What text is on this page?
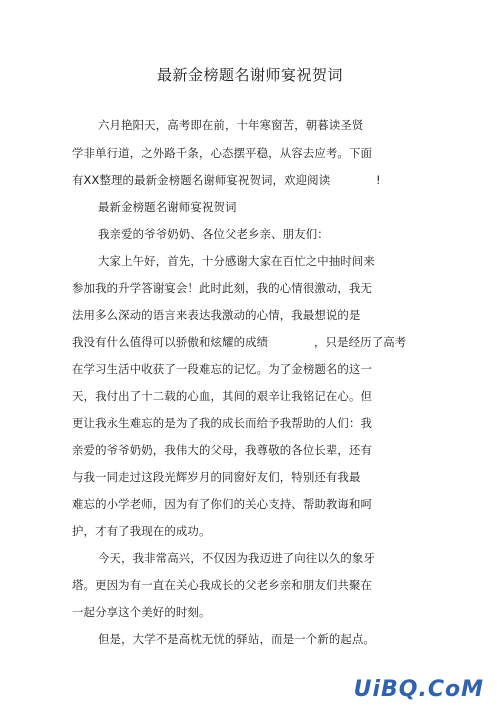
最新金榜题名谢师宴祝贺词
六月艳阳天，高考即在前，十年寒窗苦，朝暮读圣贤
学非单行道，之外路千条，心态摆平稳，从容去应考。下面
有XX整理的最新金榜题名谢师宴祝贺词，欢迎阅读	!
最新金榜题名谢师宴祝贺词
我亲爱的爷爷奶奶、各位父老乡亲、朋友们：
大家上午好，首先，十分感谢大家在百忙之中抽时间来
参加我的升学答谢宴会！此时此刻，我的心情很激动，我无
法用多么深动的语言来表达我激动的心情，我最想说的是
我没有什么值得可以骄傲和炫耀的成绩	，只是经历了高考
在学习生活中收获了一段难忘的记忆。为了金榜题名的这一
天，我付出了十二载的心血，其间的艰辛让我铭记在心。但
更让我永生难忘的是为了我的成长而给予我帮助的人们：我
亲爱的爷爷奶奶，我伟大的父母，我尊敬的各位长辈，还有
与我一同走过这段光辉岁月的同窗好友们，特别还有我最
难忘的小学老师，因为有了你们的关心支持、帮助教诲和呵
护，才有了我现在的成功。
今天，我非常高兴，不仅因为我迈进了向往以久的象牙
塔。更因为有一直在关心我成长的父老乡亲和朋友们共聚在
一起分享这个美好的时刻。
但是，大学不是高枕无忧的驿站，而是一个新的起点。
UiBQ.CoM
